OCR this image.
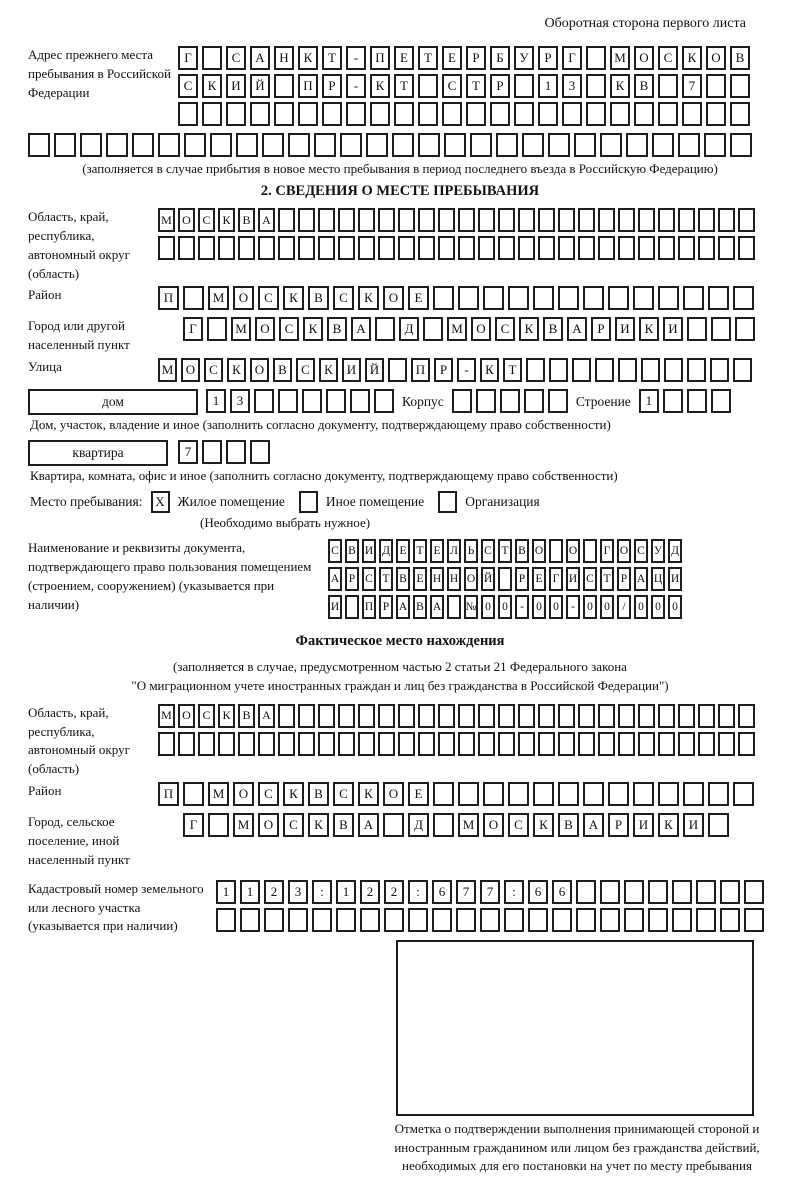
Оборотная сторона первого листа
Адрес прежнего места пребывания в Российской Федерации
Г	С	А	Н	К	Т	-	П	Е	Т	Е	Р	Б	У	Р	Г	М	О	С	К	О	В
С	К	И	Й	П	Р	-	К	Т	С	Т	Р	1	3	К	В	7
(заполняется в случае прибытия в новое место пребывания в период последнего въезда в Российскую Федерацию)
2. СВЕДЕНИЯ О МЕСТЕ ПРЕБЫВАНИЯ
Область, край, республика, автономный округ (область)
М О С К В А
Район	П	М	О	С	К	В	С	К	О	Е
Город или другой населенный пункт
Г	М	О	С	К	В	А	Д	М	О	С	К	В	А	Р	И	К	И
Улица	М О	С	К	О	В	С	К	И	Й	П	Р	-	К	Т
дом	1	3	Корпус	Строение	1
Дом, участок, владение и иное (заполнить согласно документу, подтверждающему право собственности)
квартира	7
Квартира, комната, офис и иное (заполнить согласно документу, подтверждающему право собственности)
Место пребывания: X Жилое помещение	Иное помещение	Организация
(Необходимо выбрать нужное)
Наименование и реквизиты документа, подтверждающего право пользования помещением (строением, сооружением) (указывается при наличии)
С В И Д Е Т Е Л Ь С Т В О О	Г О С У Д
А Р С Т В Е Н Н О Й	Р Е Г И С Т Р А Ц И
И П Р А В А № 0 0	-	0 0	-	0 0	/	0 0 0
Фактическое место нахождения
(заполняется в случае, предусмотренном частью 2 статьи 21 Федерального закона
"О миграционном учете иностранных граждан и лиц без гражданства в Российской Федерации")
Область, край, республика, автономный округ (область)
М О С К В А
Район	П	М	О	С	К	В	С	К	О	Е
Город, сельское поселение, иной населенный пункт
Г	М	О	С	К	В	А	Д	М	О	С	К	В	А	Р	И	К	И
Кадастровый номер земельного или лесного участка (указывается при наличии)
1	1	2	3	:	1	2	2	:	6	7	7	:	6	6
Отметка о подтверждении выполнения принимающей стороной и иностранным гражданином или лицом без гражданства действий, необходимых для его постановки на учет по месту пребывания
